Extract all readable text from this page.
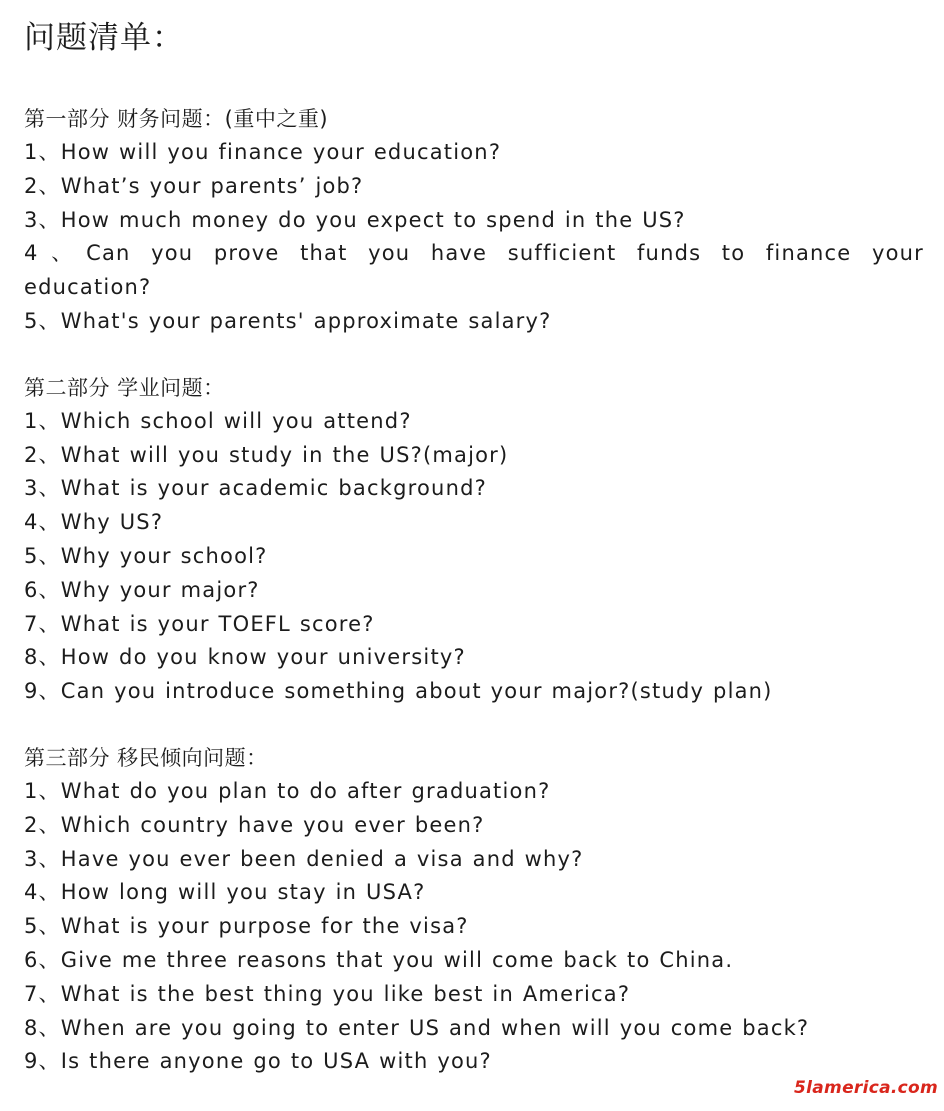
问题清单：
第一部分 财务问题：(重中之重)

1、How will you finance your education?

2、What’s your parents’ job?

3、How much money do you expect to spend in the US?

4、Can you prove that you have sufficient funds to finance your
education?

5、What's your parents' approximate salary?

第二部分 学业问题：

1、Which school will you attend?

2、What will you study in the US?(major)

3、What is your academic background?

4、Why US?

5、Why your school?

6、Why your major?

7、What is your TOEFL score?

8、How do you know your university?

9、Can you introduce something about your major?(study plan)

第三部分 移民倾向问题：

1、What do you plan to do after graduation?

2、Which country have you ever been?

3、Have you ever been denied a visa and why?

4、How long will you stay in USA?

5、What is your purpose for the visa?

6、Give me three reasons that you will come back to China.

7、What is the best thing you like best in America?

8、When are you going to enter US and when will you come back?

9、Is there anyone go to USA with you?

5lamerica.com
